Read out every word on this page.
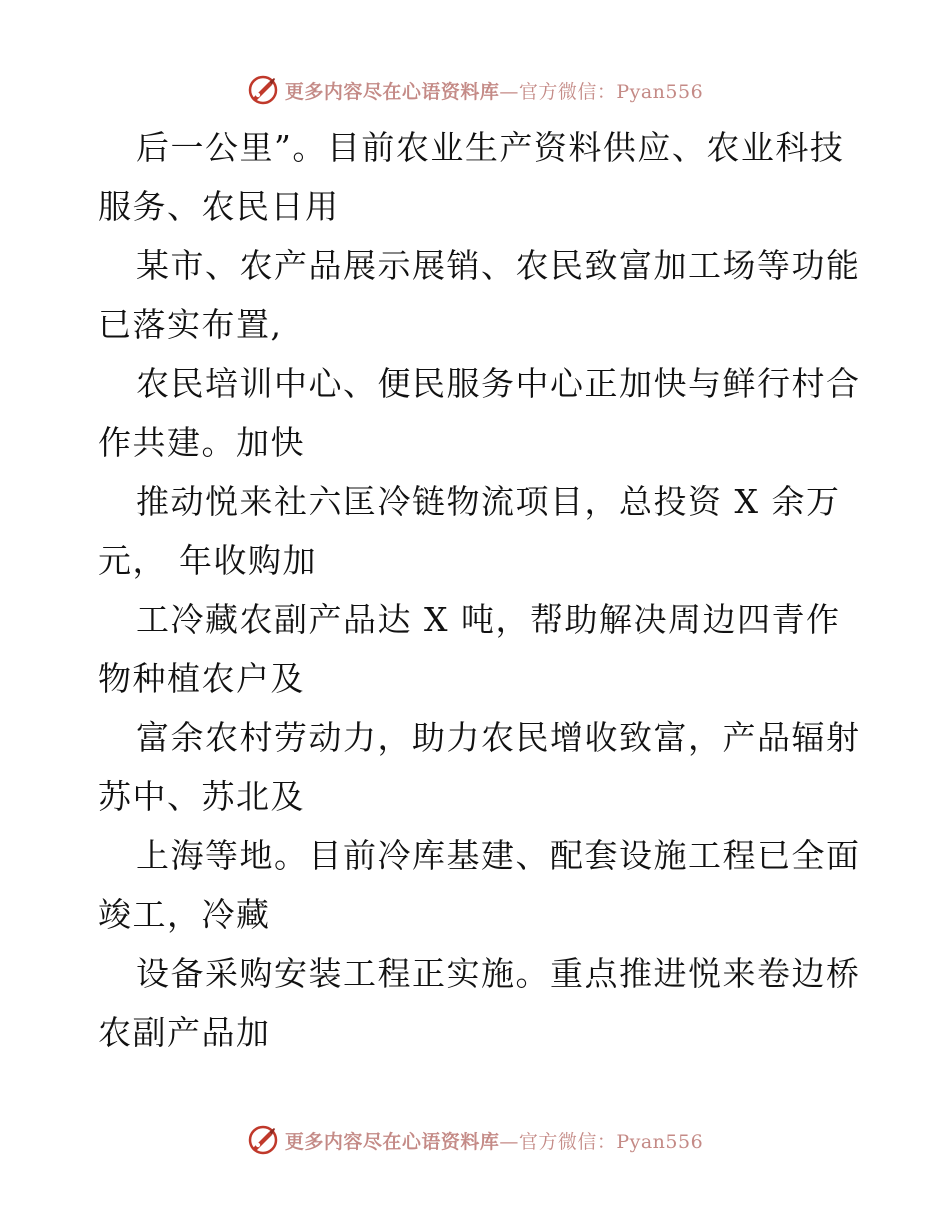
更多内容尽在心语资料库—官方微信：Pyan556
后一公里”。目前农业生产资料供应、农业科技
服务、农民日用
某市、农产品展示展销、农民致富加工场等功能
已落实布置,
农民培训中心、便民服务中心正加快与鲜行村合
作共建。加快
推动悦来社六匡冷链物流项目，总投资 X 余万
元， 年收购加
工冷藏农副产品达 X 吨，帮助解决周边四青作
物种植农户及
富余农村劳动力，助力农民增收致富，产品辐射
苏中、苏北及
上海等地。目前冷库基建、配套设施工程已全面
竣工，冷藏
设备采购安装工程正实施。重点推进悦来卷边桥
农副产品加
更多内容尽在心语资料库—官方微信：Pyan556
